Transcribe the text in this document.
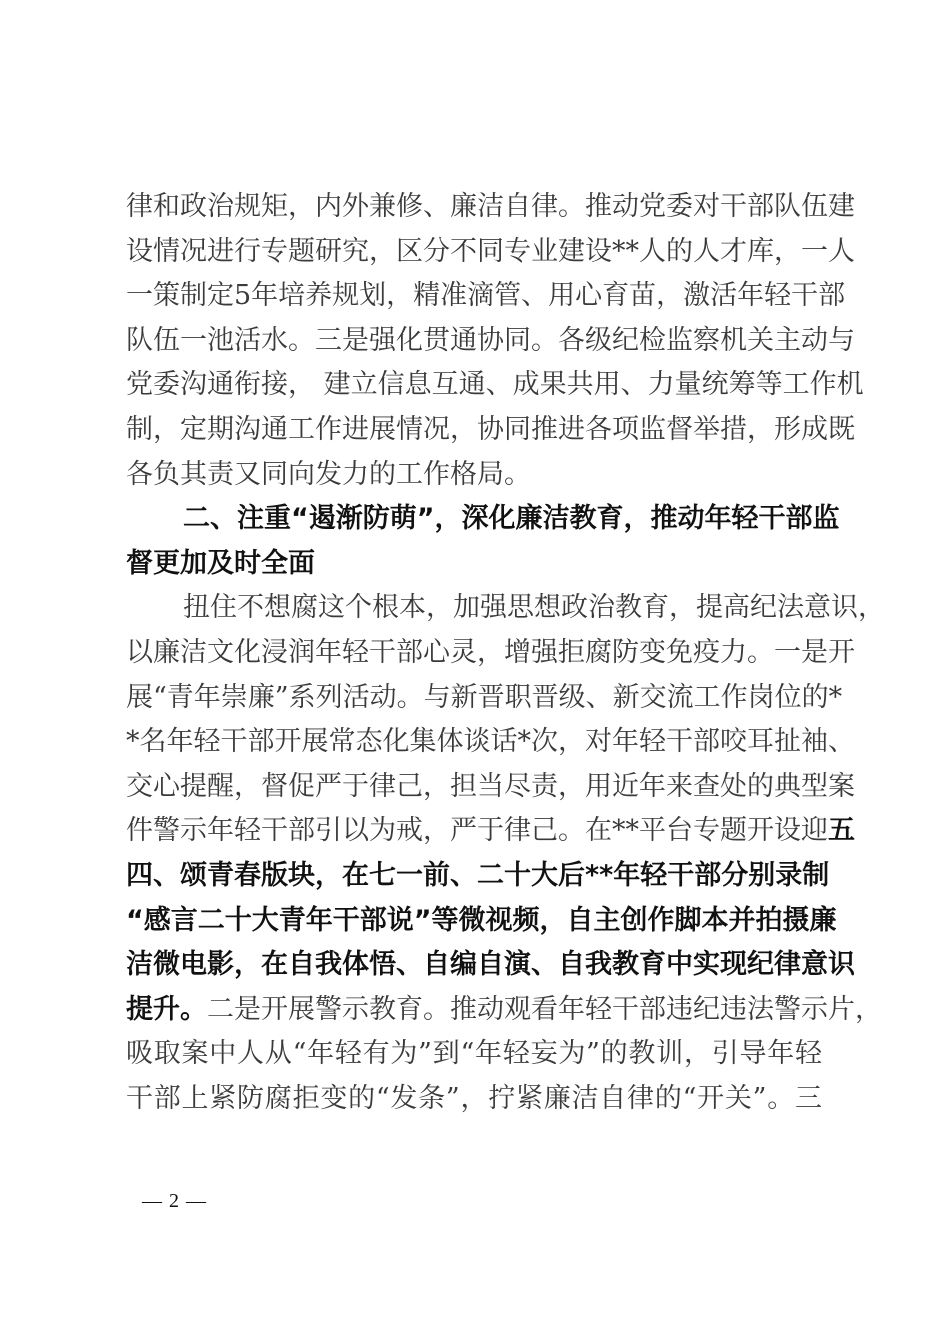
律和政治规矩，内外兼修、廉洁自律。推动党委对干部队伍建
设情况进行专题研究，区分不同专业建设**人的人才库，一人
一策制定5年培养规划，精准滴管、用心育苗，激活年轻干部
队伍一池活水。三是强化贯通协同。各级纪检监察机关主动与
党委沟通衔接， 建立信息互通、成果共用、力量统筹等工作机
制，定期沟通工作进展情况，协同推进各项监督举措，形成既
各负其责又同向发力的工作格局。
二、注重“遏渐防萌”，深化廉洁教育，推动年轻干部监
督更加及时全面
扭住不想腐这个根本，加强思想政治教育，提高纪法意识，
以廉洁文化浸润年轻干部心灵，增强拒腐防变免疫力。一是开
展“青年崇廉”系列活动。与新晋职晋级、新交流工作岗位的*
*名年轻干部开展常态化集体谈话*次，对年轻干部咬耳扯袖、
交心提醒，督促严于律己，担当尽责，用近年来查处的典型案
件警示年轻干部引以为戒，严于律己。在**平台专题开设迎五
四、颂青春版块，在七一前、二十大后**年轻干部分别录制
“感言二十大青年干部说”等微视频，自主创作脚本并拍摄廉
洁微电影，在自我体悟、自编自演、自我教育中实现纪律意识
提升。二是开展警示教育。推动观看年轻干部违纪违法警示片，
吸取案中人从“年轻有为”到“年轻妄为”的教训，引导年轻
干部上紧防腐拒变的“发条”，拧紧廉洁自律的“开关”。三
— 2 —
